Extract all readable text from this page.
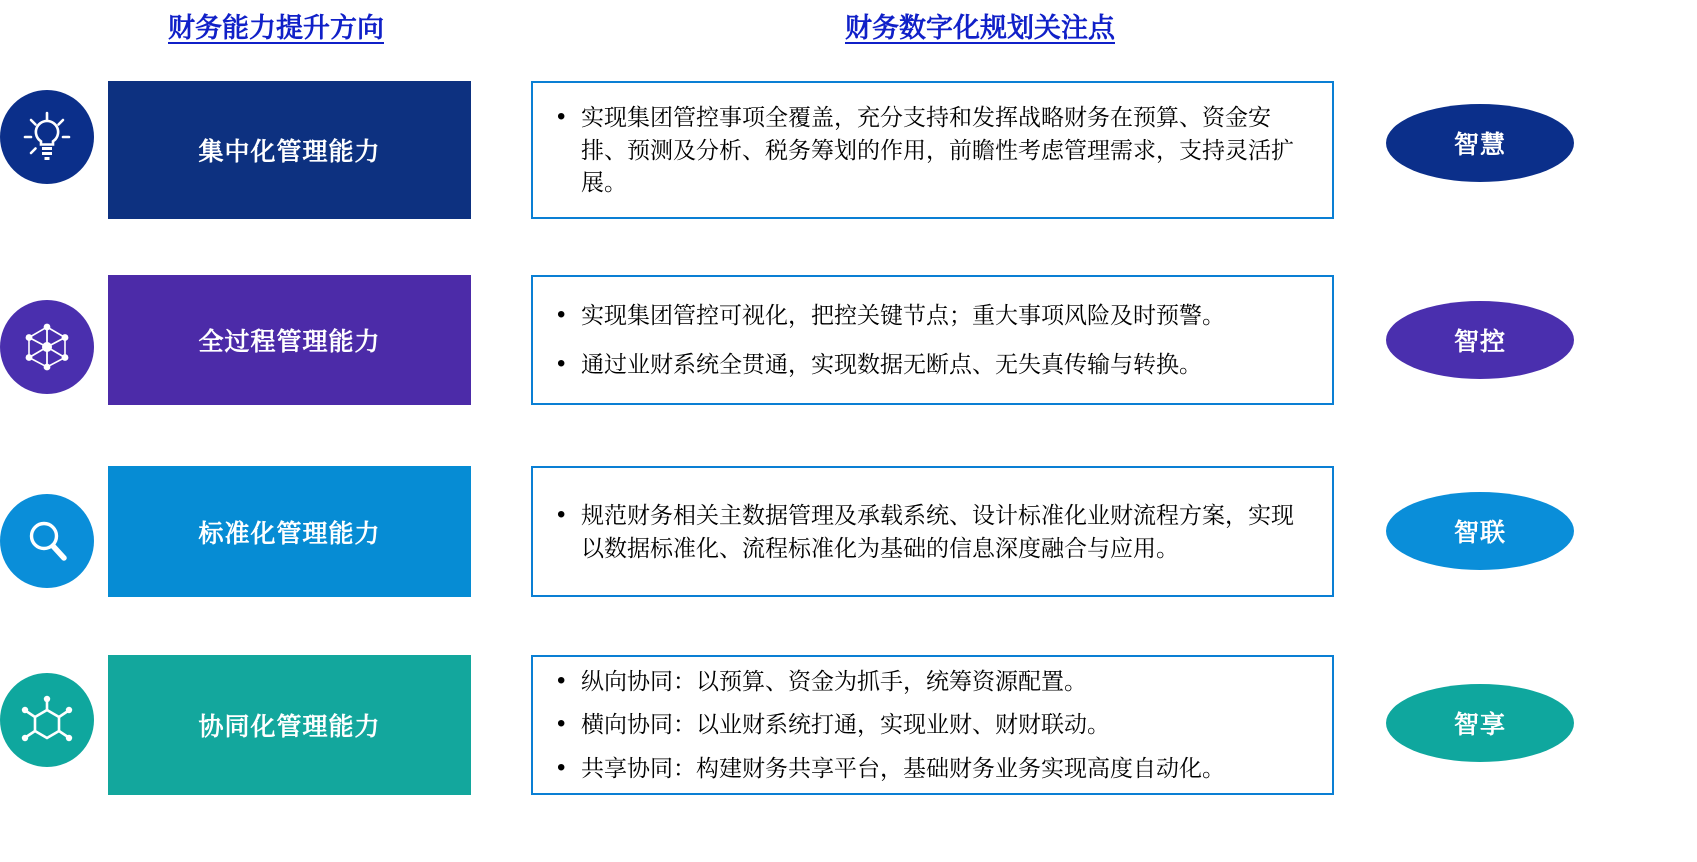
财务能力提升方向	财务数字化规划关注点
集中化管理能力
• 实现集团管控事项全覆盖，充分支持和发挥战略财务在预算、资金安排、预测及分析、税务筹划的作用，前瞻性考虑管理需求，支持灵活扩展。
智慧
全过程管理能力
• 实现集团管控可视化，把控关键节点；重大事项风险及时预警。
• 通过业财系统全贯通，实现数据无断点、无失真传输与转换。
智控
标准化管理能力
• 规范财务相关主数据管理及承载系统、设计标准化业财流程方案，实现以数据标准化、流程标准化为基础的信息深度融合与应用。
智联
协同化管理能力
• 纵向协同：以预算、资金为抓手，统筹资源配置。
• 横向协同：以业财系统打通，实现业财、财财联动。
• 共享协同：构建财务共享平台，基础财务业务实现高度自动化。
智享
